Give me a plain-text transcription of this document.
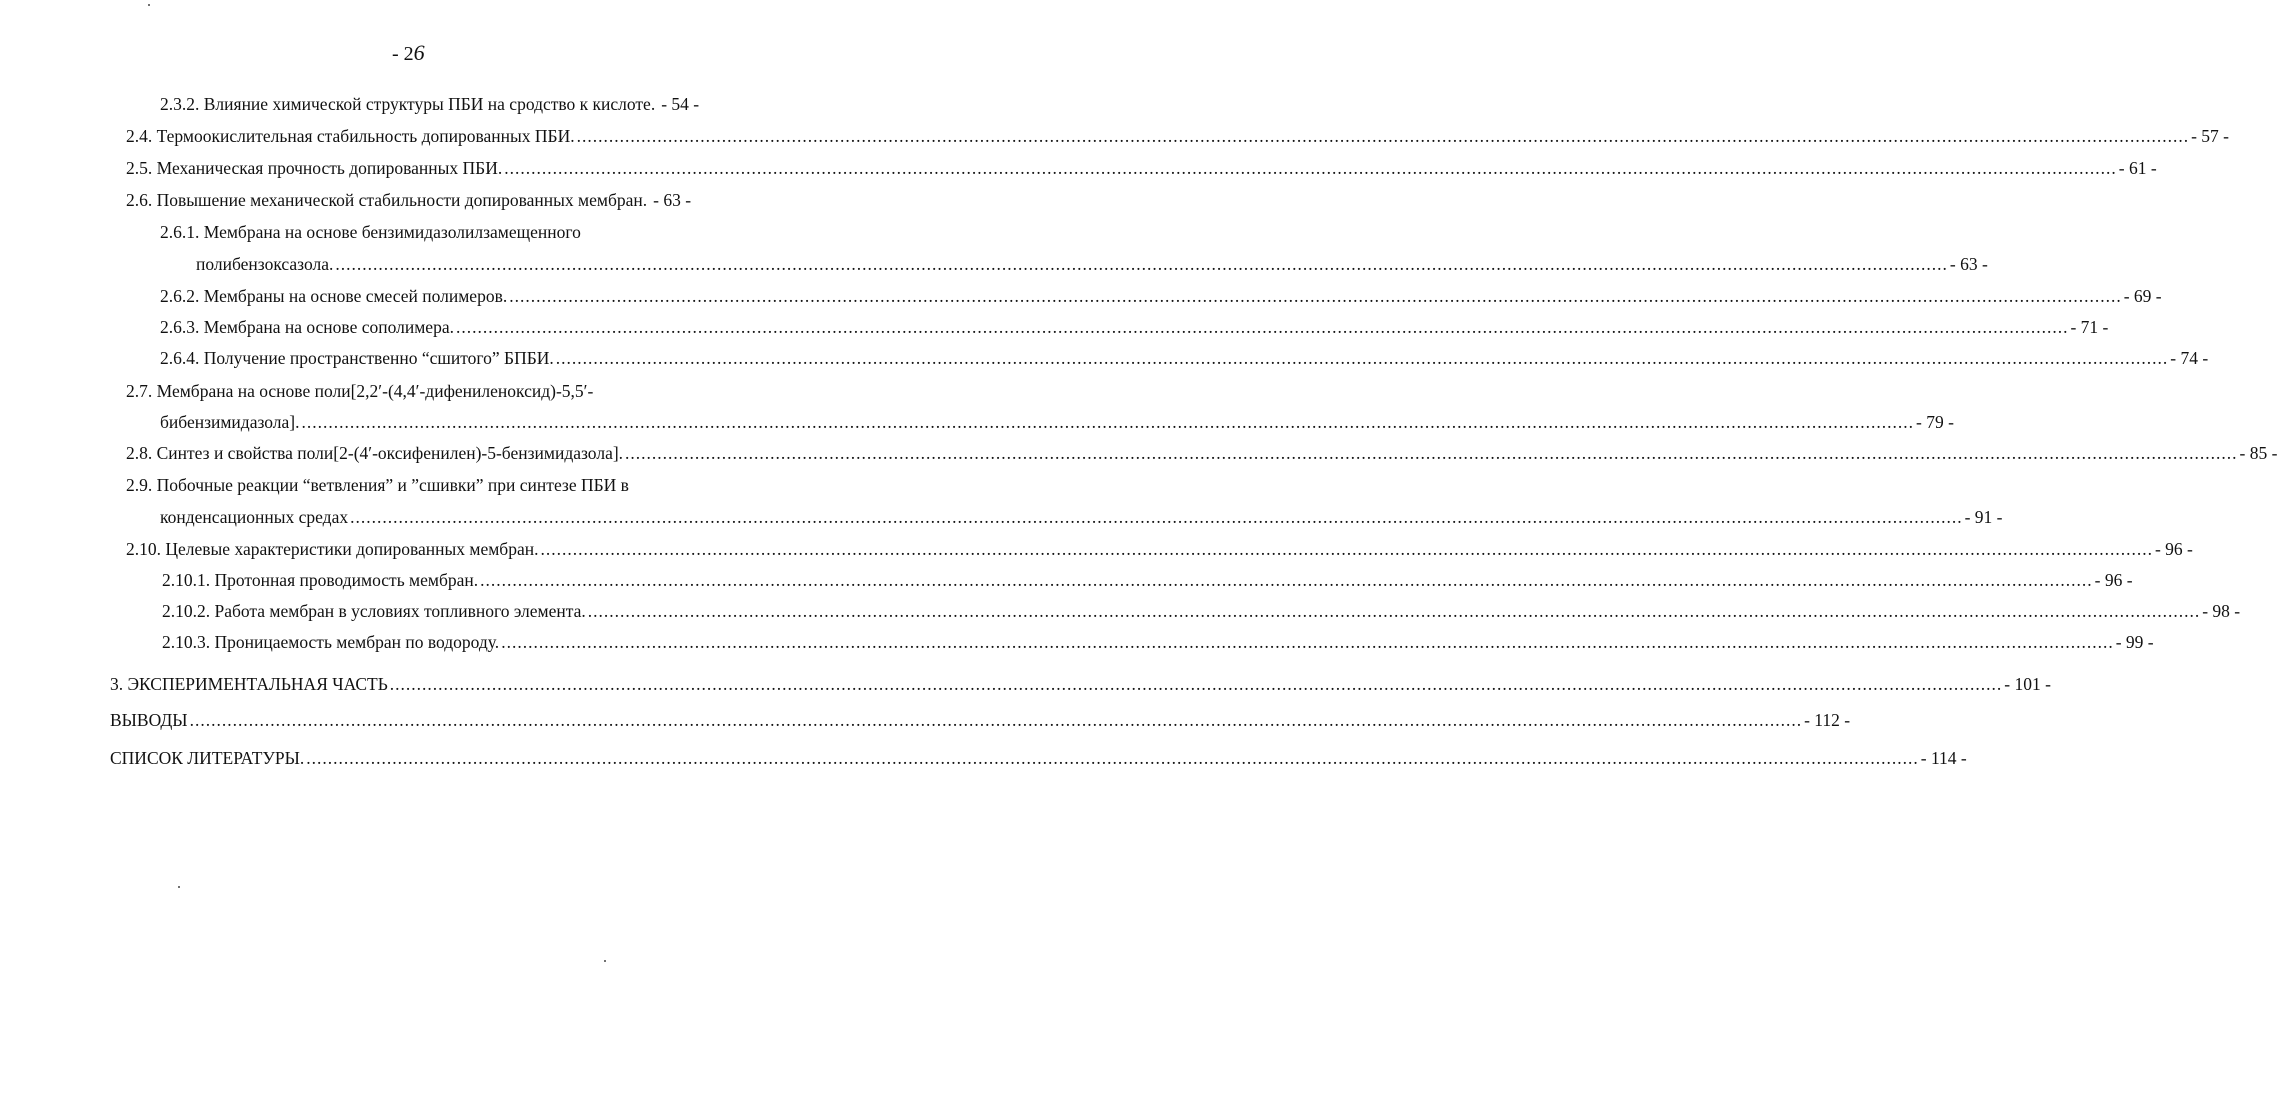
- 26
2.3.2. Влияние химической структуры ПБИ на сродство к кислоте. - 54 -
2.4. Термоокислительная стабильность допированных ПБИ. ............................................................................................................................................................................................................................................................................................................ - 57 -
2.5. Механическая прочность допированных ПБИ. ............................................................................................................................................................................................................................................................................................................ - 61 -
2.6. Повышение механической стабильности допированных мембран. - 63 -
2.6.1. Мембрана на основе бензимидазолилзамещенного
полибензоксазола. ............................................................................................................................................................................................................................................................................................................ - 63 -
2.6.2. Мембраны на основе смесей полимеров. ............................................................................................................................................................................................................................................................................................................ - 69 -
2.6.3. Мембрана на основе сополимера. ............................................................................................................................................................................................................................................................................................................ - 71 -
2.6.4. Получение пространственно “сшитого” БПБИ. ............................................................................................................................................................................................................................................................................................................ - 74 -
2.7. Мембрана на основе поли[2,2′-(4,4′-дифениленоксид)-5,5′-
бибензимидазола]. ............................................................................................................................................................................................................................................................................................................ - 79 -
2.8. Синтез и свойства поли[2-(4′-оксифенилен)-5-бензимидазола]. ............................................................................................................................................................................................................................................................................................................ - 85 -
2.9. Побочные реакции “ветвления” и ”сшивки” при синтезе ПБИ в
конденсационных средах ............................................................................................................................................................................................................................................................................................................ - 91 -
2.10. Целевые характеристики допированных мембран. ............................................................................................................................................................................................................................................................................................................ - 96 -
2.10.1. Протонная проводимость мембран. ............................................................................................................................................................................................................................................................................................................ - 96 -
2.10.2. Работа мембран в условиях топливного элемента. ............................................................................................................................................................................................................................................................................................................ - 98 -
2.10.3. Проницаемость мембран по водороду. ............................................................................................................................................................................................................................................................................................................ - 99 -
3. ЭКСПЕРИМЕНТАЛЬНАЯ ЧАСТЬ ............................................................................................................................................................................................................................................................................................................ - 101 -
ВЫВОДЫ ............................................................................................................................................................................................................................................................................................................ - 112 -
СПИСОК ЛИТЕРАТУРЫ. ............................................................................................................................................................................................................................................................................................................ - 114 -
